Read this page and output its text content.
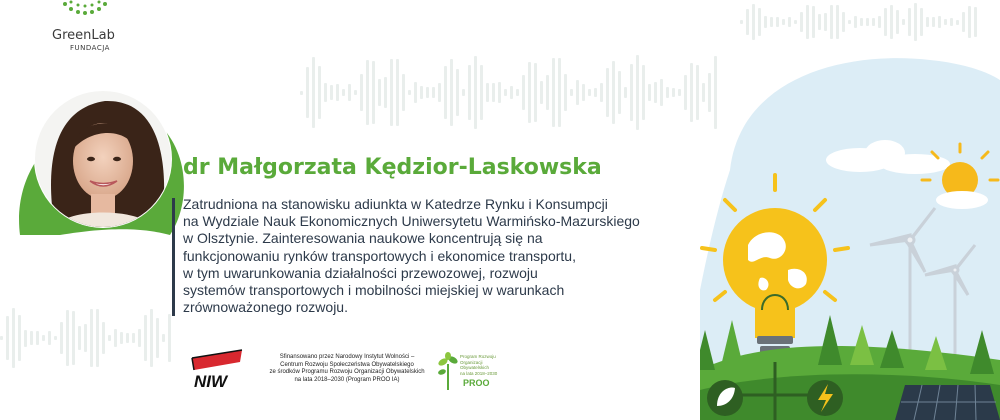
GreenLab
FUNDACJA
dr Małgorzata Kędzior-Laskowska
Zatrudniona na stanowisku adiunkta w Katedrze Rynku i Konsumpcji
na Wydziale Nauk Ekonomicznych Uniwersytetu Warmińsko-Mazurskiego
w Olsztynie. Zainteresowania naukowe koncentrują się na
funkcjonowaniu rynków transportowych i ekonomice transportu,
w tym uwarunkowania działalności przewozowej, rozwoju
systemów transportowych i mobilności miejskiej w warunkach
zrównoważonego rozwoju.
NIW
Sfinansowano przez Narodowy Instytut Wolności –
Centrum Rozwoju Społeczeństwa Obywatelskiego
ze środków Programu Rozwoju Organizacji Obywatelskich
na lata 2018–2030 (Program PROO IA)
Program Rozwoju
Organizacji
Obywatelskich
na lata 2018–2030
PROO
